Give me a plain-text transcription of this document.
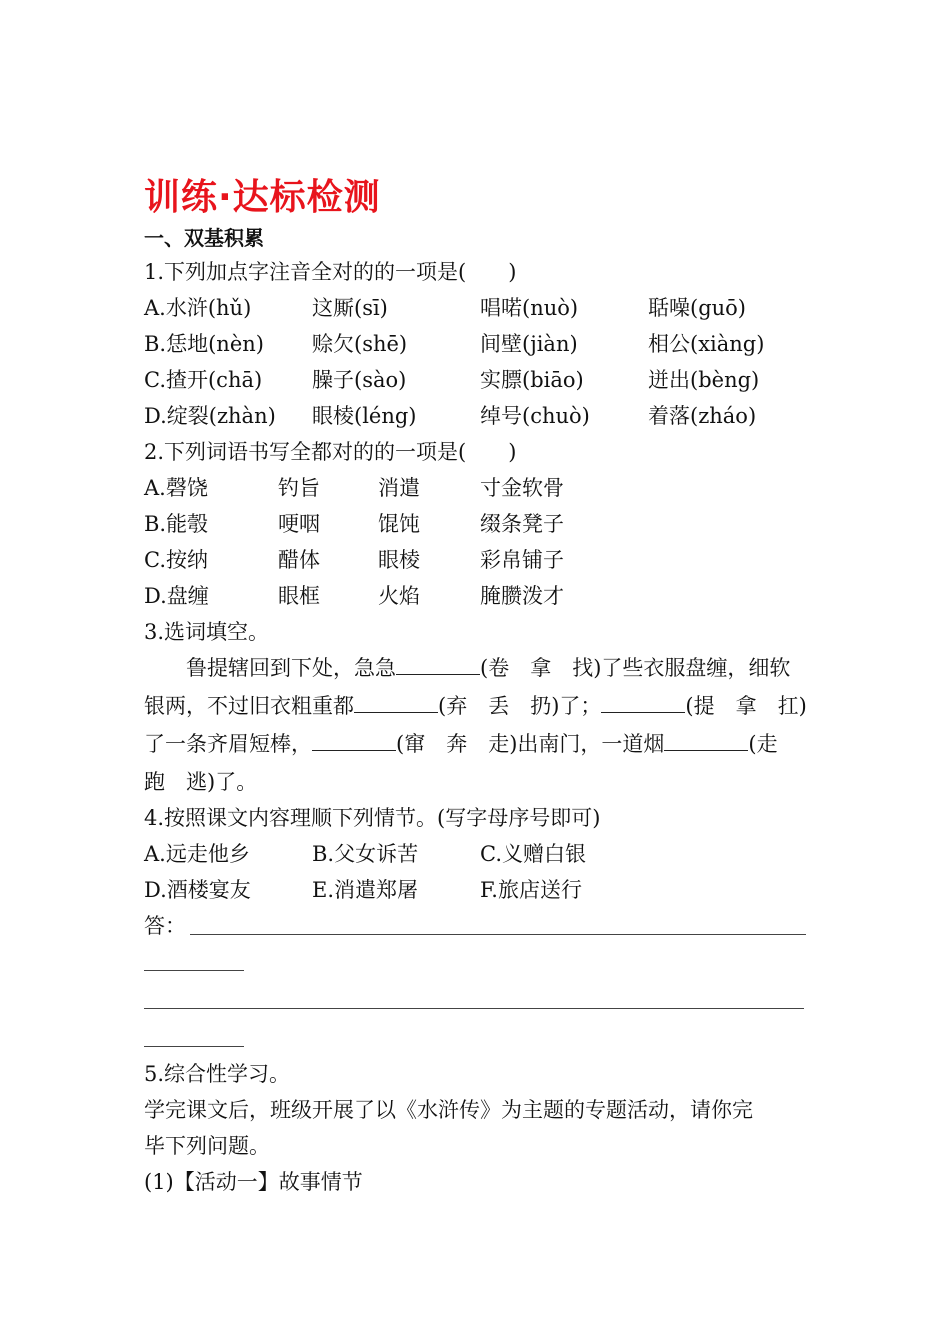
训练·达标检测
一、双基积累
1.下列加点字注音全对的的一项是(　　)
A.水浒(hǔ)	这厮(sī)	唱喏(nuò)	聒噪(guō)
B.恁地(nèn) 赊欠(shē)	间壁(jiàn)	相公(xiàng)
C.揸开(chā) 臊子(sào)	实膘(biāo)	迸出(bèng)
D.绽裂(zhàn) 眼棱(léng)	绰号(chuò)	着落(zháo)
2.下列词语书写全都对的的一项是(　　)
A.磬饶	钓旨	消遣	寸金软骨
B.能彀	哽咽	馄饨	缀条凳子
C.按纳	醋体	眼棱	彩帛铺子
D.盘缠	眼框	火焰	腌臜泼才
3.选词填空。
鲁提辖回到下处，急急	(卷　拿　找)了些衣服盘缠，细软
银两，不过旧衣粗重都	(弃　丢　扔)了；	(提　拿　扛)
了一条齐眉短棒，	(窜　奔　走)出南门，一道烟	(走
跑　逃)了。
4.按照课文内容理顺下列情节。(写字母序号即可)
A.远走他乡	B.父女诉苦	C.义赠白银
D.酒楼宴友	E.消遣郑屠	F.旅店送行
答：
5.综合性学习。
学完课文后，班级开展了以《水浒传》为主题的专题活动，请你完
毕下列问题。
(1)【活动一】故事情节
